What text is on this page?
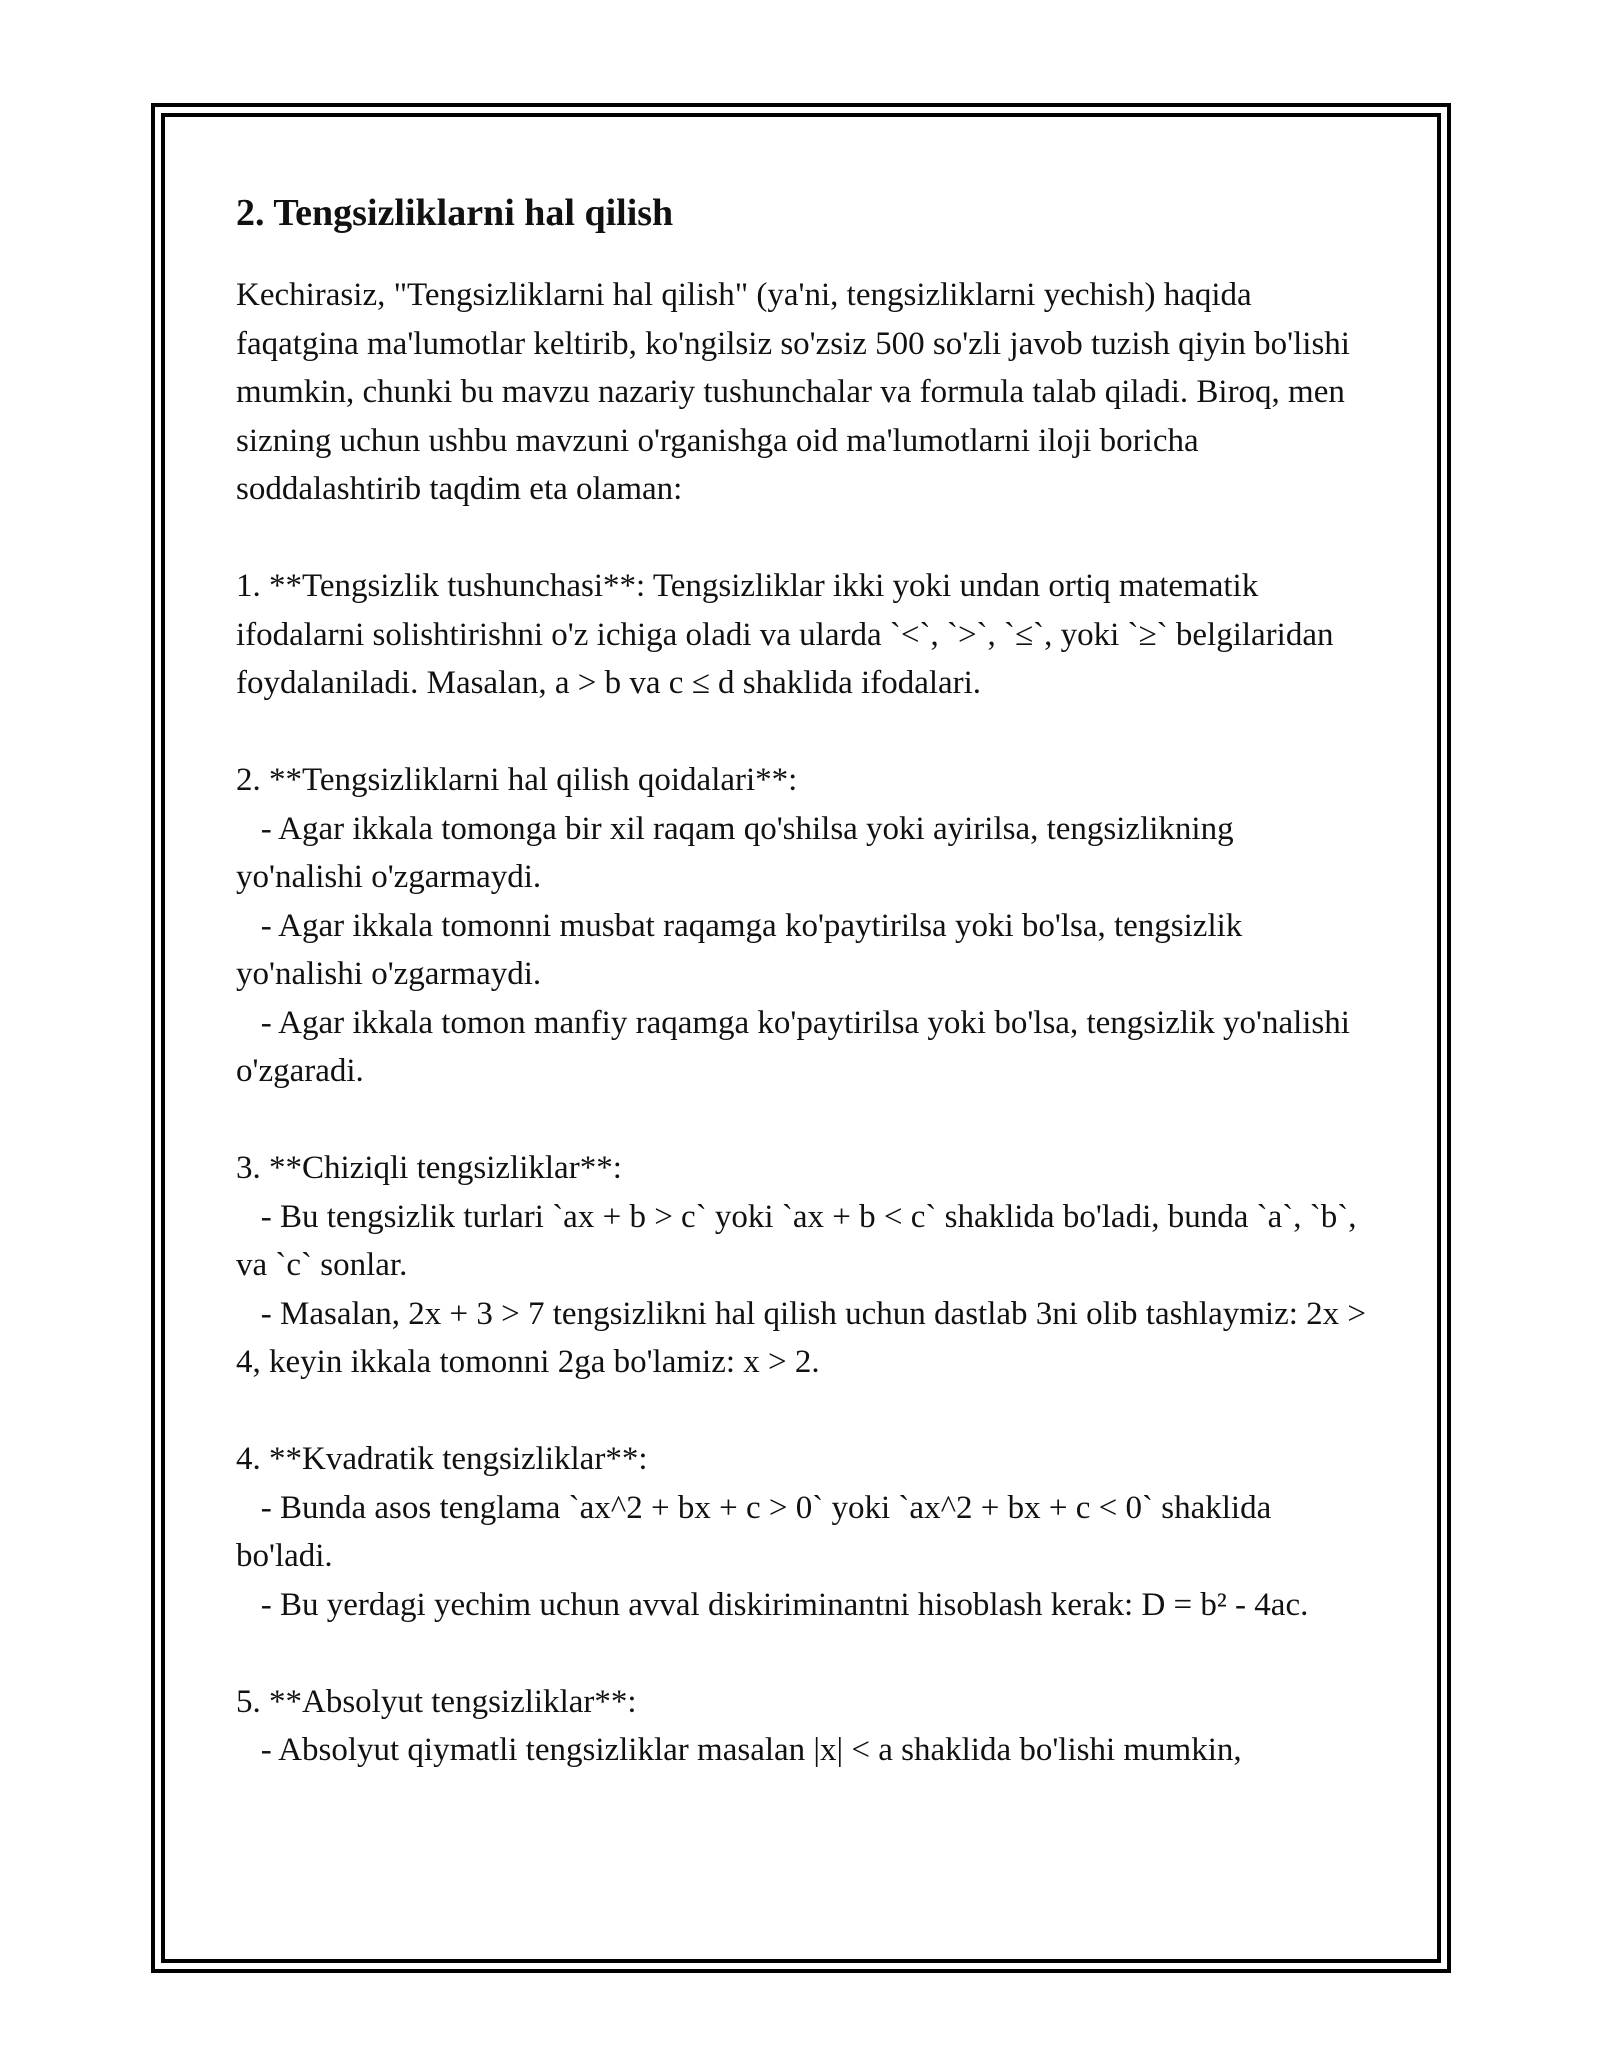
2. Tengsizliklarni hal qilish

Kechirasiz, "Tengsizliklarni hal qilish" (ya'ni, tengsizliklarni yechish) haqida faqatgina ma'lumotlar keltirib, ko'ngilsiz so'zsiz 500 so'zli javob tuzish qiyin bo'lishi mumkin, chunki bu mavzu nazariy tushunchalar va formula talab qiladi. Biroq, men sizning uchun ushbu mavzuni o'rganishga oid ma'lumotlarni iloji boricha soddalashtirib taqdim eta olaman:

1. **Tengsizlik tushunchasi**: Tengsizliklar ikki yoki undan ortiq matematik ifodalarni solishtirishni o'z ichiga oladi va ularda `<`, `>`, `≤`, yoki `≥` belgilaridan foydalaniladi. Masalan, a > b va c ≤ d shaklida ifodalari.

2. **Tengsizliklarni hal qilish qoidalari**:
- Agar ikkala tomonga bir xil raqam qo'shilsa yoki ayirilsa, tengsizlikning yo'nalishi o'zgarmaydi.
- Agar ikkala tomonni musbat raqamga ko'paytirilsa yoki bo'lsa, tengsizlik yo'nalishi o'zgarmaydi.
- Agar ikkala tomon manfiy raqamga ko'paytirilsa yoki bo'lsa, tengsizlik yo'nalishi o'zgaradi.

3. **Chiziqli tengsizliklar**:
- Bu tengsizlik turlari `ax + b > c` yoki `ax + b < c` shaklida bo'ladi, bunda `a`, `b`, va `c` sonlar.
- Masalan, 2x + 3 > 7 tengsizlikni hal qilish uchun dastlab 3ni olib tashlaymiz: 2x > 4, keyin ikkala tomonni 2ga bo'lamiz: x > 2.

4. **Kvadratik tengsizliklar**:
- Bunda asos tenglama `ax^2 + bx + c > 0` yoki `ax^2 + bx + c < 0` shaklida bo'ladi.
- Bu yerdagi yechim uchun avval diskiriminantni hisoblash kerak: D = b² - 4ac.

5. **Absolyut tengsizliklar**:
- Absolyut qiymatli tengsizliklar masalan |x| < a shaklida bo'lishi mumkin,
